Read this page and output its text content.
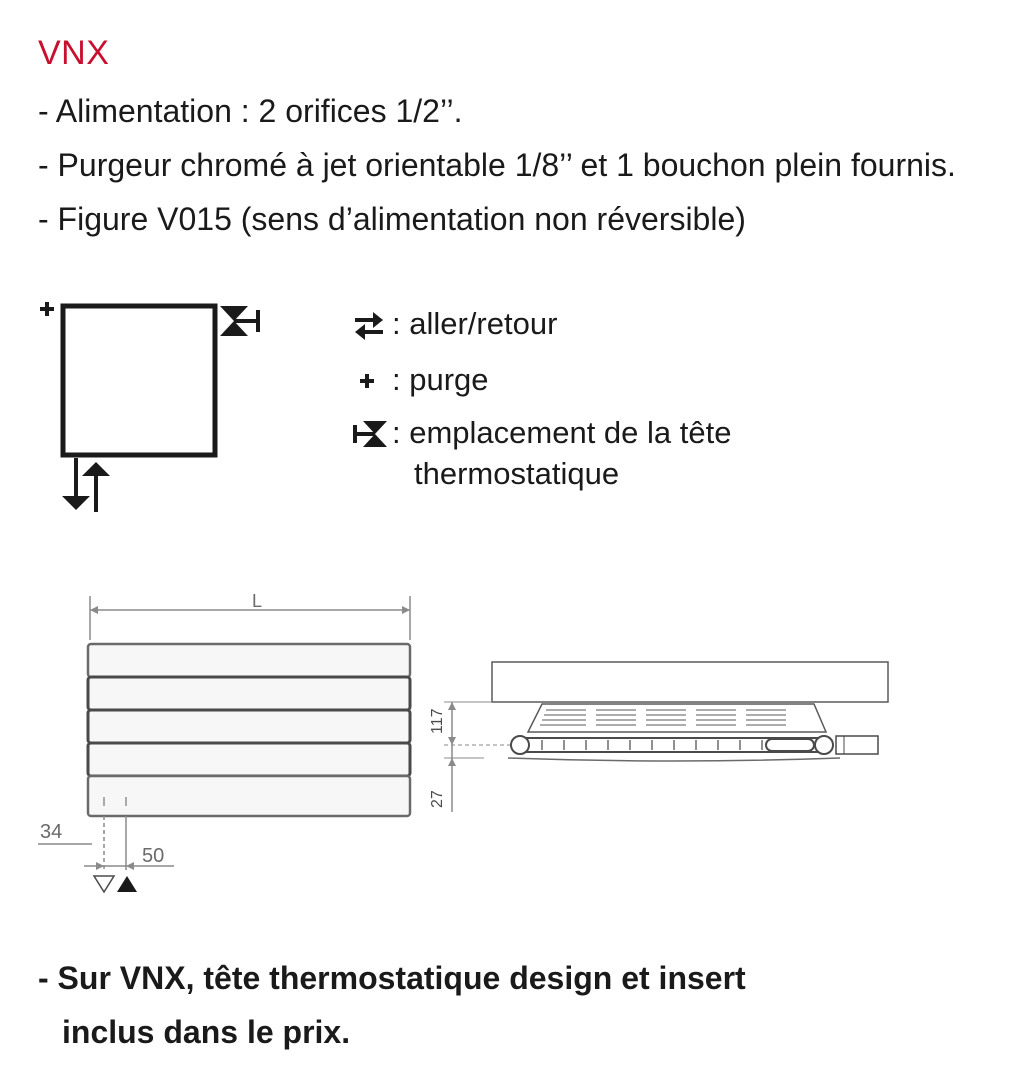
VNX
- Alimentation : 2 orifices 1/2’’.
- Purgeur chromé à jet orientable 1/8’’ et 1 bouchon plein fournis.
- Figure V015 (sens d’alimentation non réversible)
: aller/retour
: purge
: emplacement de la tête
thermostatique
L
34
50
117
27
- Sur VNX, tête thermostatique design et insert
inclus dans le prix.
